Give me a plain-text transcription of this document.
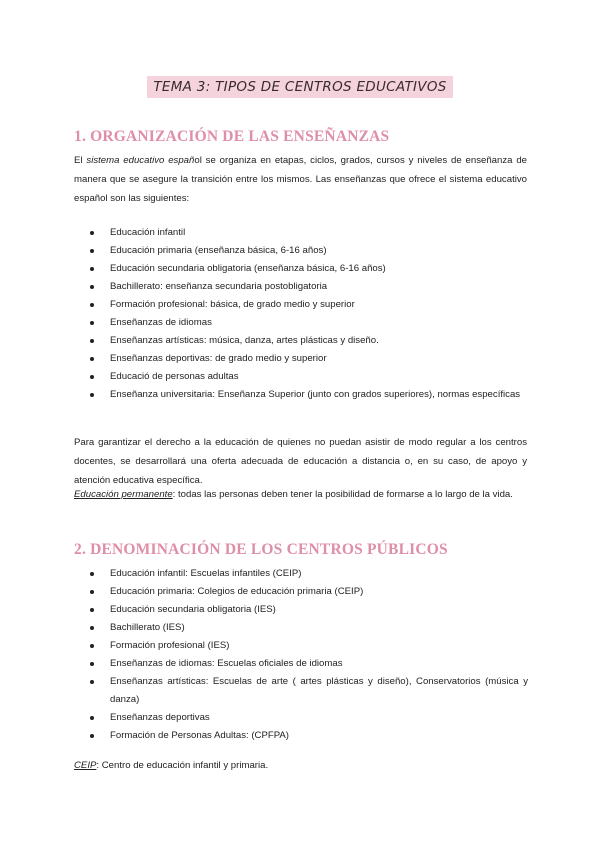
TEMA 3: TIPOS DE CENTROS EDUCATIVOS
1. ORGANIZACIÓN DE LAS ENSEÑANZAS
El sistema educativo español se organiza en etapas, ciclos, grados, cursos y niveles de enseñanza de manera que se asegure la transición entre los mismos. Las enseñanzas que ofrece el sistema educativo español son las siguientes:
Educación infantil
Educación primaria (enseñanza básica, 6-16 años)
Educación secundaria obligatoria (enseñanza básica, 6-16 años)
Bachillerato: enseñanza secundaria postobligatoria
Formación profesional: básica, de grado medio y superior
Enseñanzas de idiomas
Enseñanzas artísticas: música, danza, artes plásticas y diseño.
Enseñanzas deportivas: de grado medio y superior
Educació de personas adultas
Enseñanza universitaria: Enseñanza Superior (junto con grados superiores), normas específicas
Para garantizar el derecho a la educación de quienes no puedan asistir de modo regular a los centros docentes, se desarrollará una oferta adecuada de educación a distancia o, en su caso, de apoyo y atención educativa específica.
Educación permanente: todas las personas deben tener la posibilidad de formarse a lo largo de la vida.
2. DENOMINACIÓN DE LOS CENTROS PÚBLICOS
Educación infantil: Escuelas infantiles (CEIP)
Educación primaria: Colegios de educación primaria (CEIP)
Educación secundaria obligatoria (IES)
Bachillerato (IES)
Formación profesional (IES)
Enseñanzas de idiomas: Escuelas oficiales de idiomas
Enseñanzas artísticas: Escuelas de arte ( artes plásticas y diseño), Conservatorios (música y danza)
Enseñanzas deportivas
Formación de Personas Adultas: (CPFPA)
CEIP: Centro de educación infantil y primaria.
